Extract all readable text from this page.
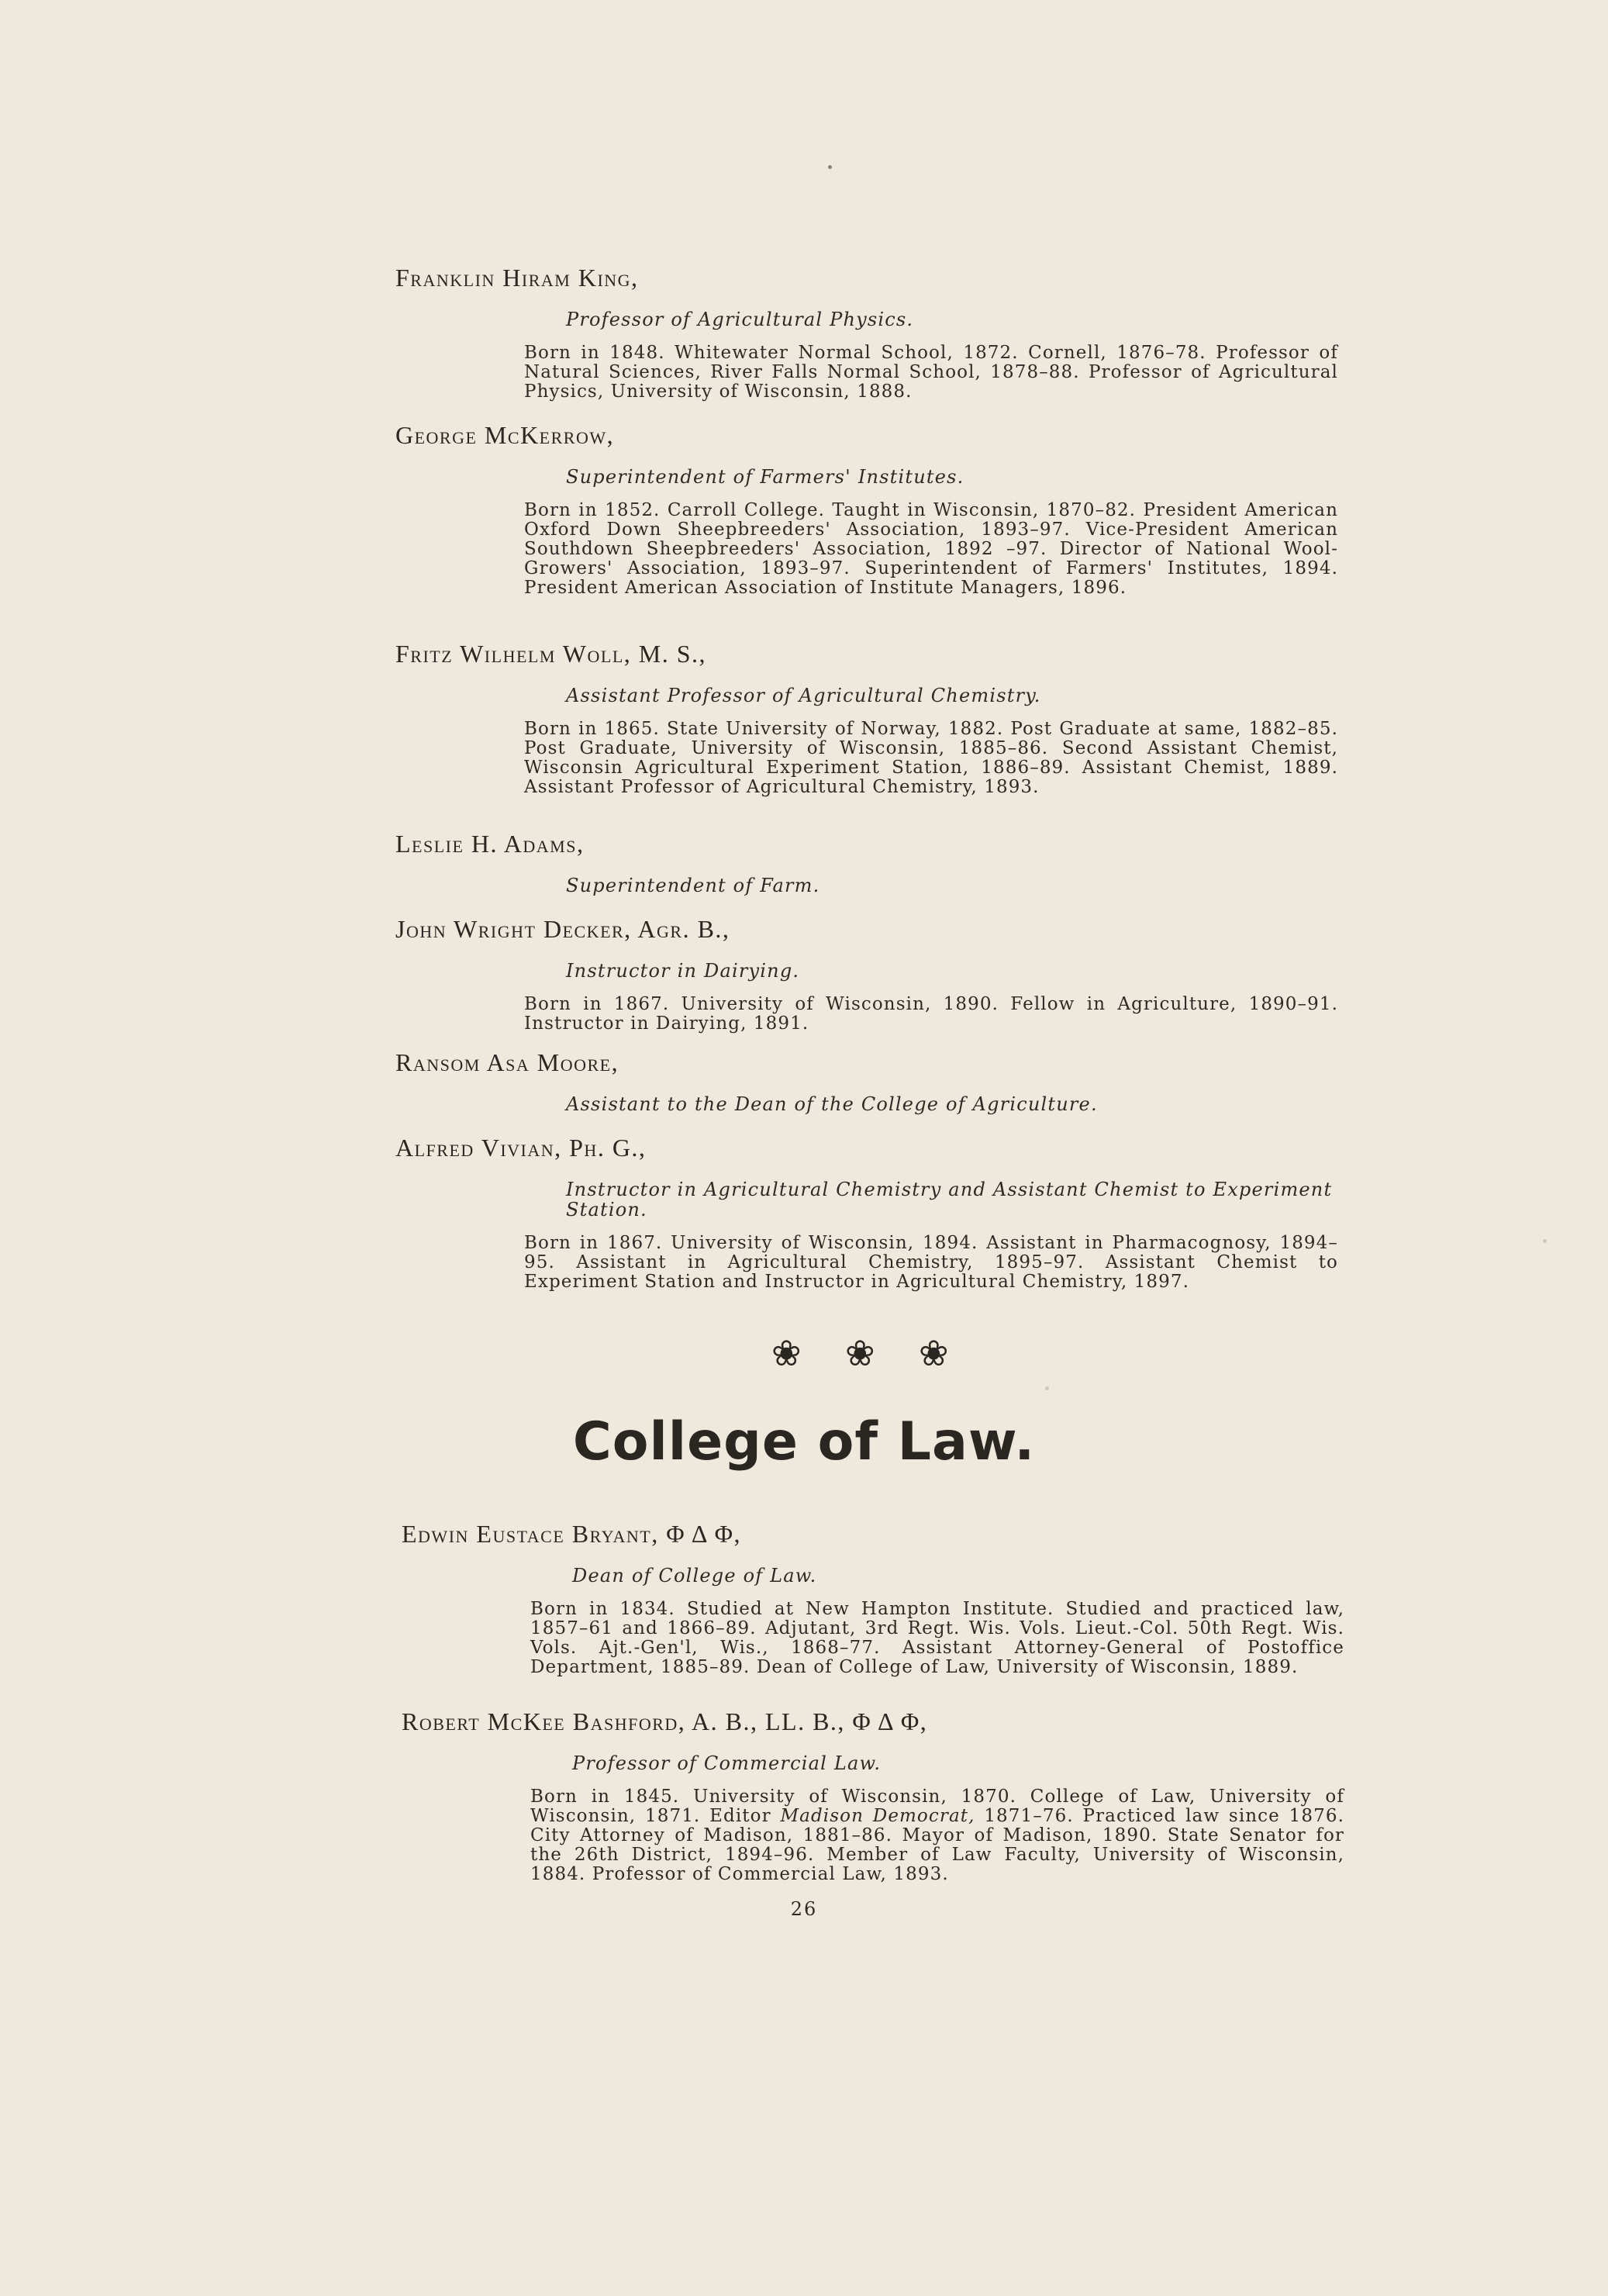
Franklin Hiram King,
Professor of Agricultural Physics.
Born in 1848. Whitewater Normal School, 1872. Cornell, 1876–78. Professor of Natural Sciences, River Falls Normal School, 1878–88. Professor of Agricultural Physics, University of Wisconsin, 1888.
George McKerrow,
Superintendent of Farmers' Institutes.
Born in 1852. Carroll College. Taught in Wisconsin, 1870–82. President American Oxford Down Sheepbreeders' Association, 1893–97. Vice-President American Southdown Sheepbreeders' Association, 1892 –97. Director of National Wool-Growers' Association, 1893–97. Superintendent of Farmers' Institutes, 1894. President American Association of Institute Managers, 1896.
Fritz Wilhelm Woll, M. S.,
Assistant Professor of Agricultural Chemistry.
Born in 1865. State University of Norway, 1882. Post Graduate at same, 1882–85. Post Graduate, University of Wisconsin, 1885–86. Second Assistant Chemist, Wisconsin Agricultural Experiment Station, 1886–89. Assistant Chemist, 1889. Assistant Professor of Agricultural Chemistry, 1893.
Leslie H. Adams,
Superintendent of Farm.
John Wright Decker, Agr. B.,
Instructor in Dairying.
Born in 1867. University of Wisconsin, 1890. Fellow in Agriculture, 1890–91. Instructor in Dairying, 1891.
Ransom Asa Moore,
Assistant to the Dean of the College of Agriculture.
Alfred Vivian, Ph. G.,
Instructor in Agricultural Chemistry and Assistant Chemist to Experiment Station.
Born in 1867. University of Wisconsin, 1894. Assistant in Pharmacognosy, 1894–95. Assistant in Agricultural Chemistry, 1895–97. Assistant Chemist to Experiment Station and Instructor in Agricultural Chemistry, 1897.
❀ ❀ ❀
College of Law.
Edwin Eustace Bryant, Φ Δ Φ,
Dean of College of Law.
Born in 1834. Studied at New Hampton Institute. Studied and practiced law, 1857–61 and 1866–89. Adjutant, 3rd Regt. Wis. Vols. Lieut.-Col. 50th Regt. Wis. Vols. Ajt.-Gen'l, Wis., 1868–77. Assistant Attorney-General of Postoffice Department, 1885–89. Dean of College of Law, University of Wisconsin, 1889.
Robert McKee Bashford, A. B., LL. B., Φ Δ Φ,
Professor of Commercial Law.
Born in 1845. University of Wisconsin, 1870. College of Law, University of Wisconsin, 1871. Editor Madison Democrat, 1871–76. Practiced law since 1876. City Attorney of Madison, 1881–86. Mayor of Madison, 1890. State Senator for the 26th District, 1894–96. Member of Law Faculty, University of Wisconsin, 1884. Professor of Commercial Law, 1893.
26
